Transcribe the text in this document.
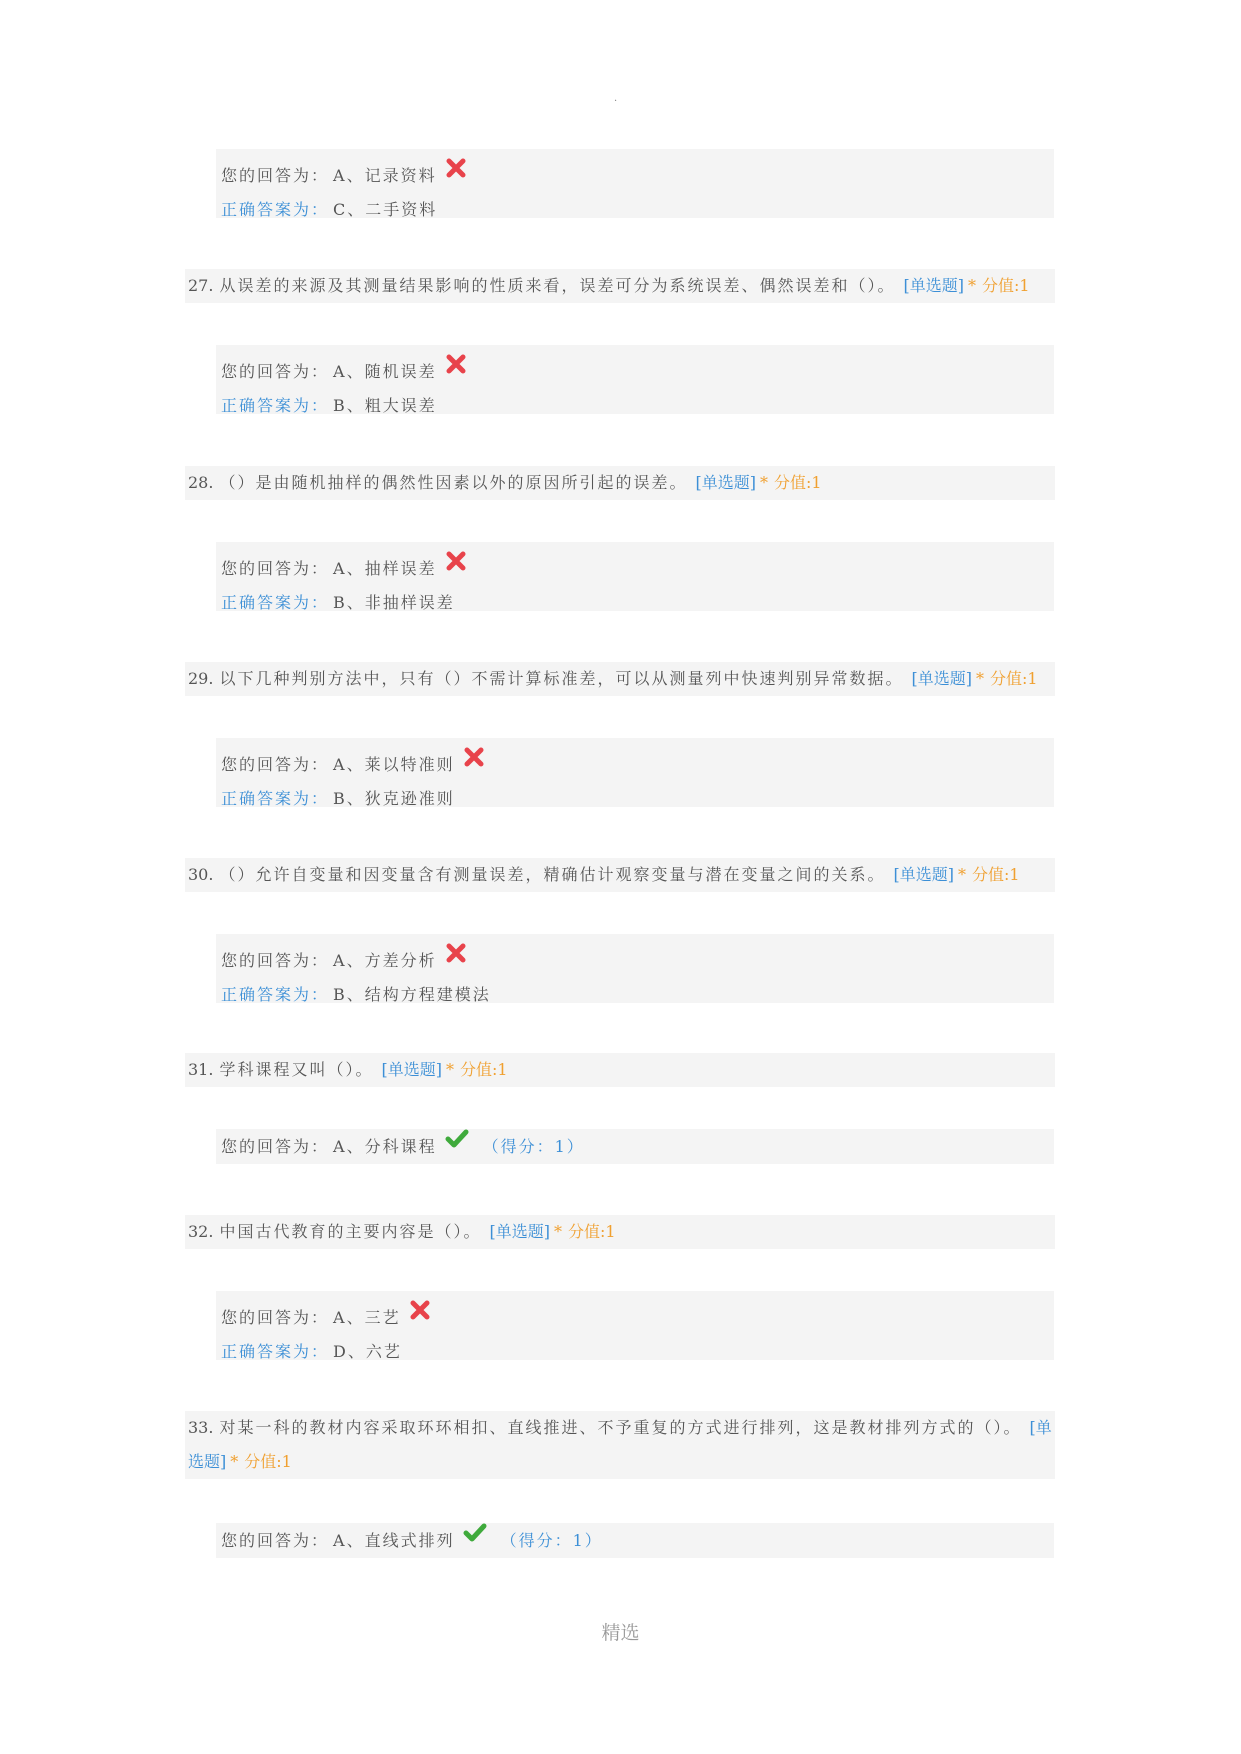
·
您的回答为： A、记录资料
正确答案为： C、二手资料
27. 从误差的来源及其测量结果影响的性质来看，误差可分为系统误差、偶然误差和（）。 [单选题] * 分值:1
您的回答为： A、随机误差
正确答案为： B、粗大误差
28. （）是由随机抽样的偶然性因素以外的原因所引起的误差。 [单选题] * 分值:1
您的回答为： A、抽样误差
正确答案为： B、非抽样误差
29. 以下几种判别方法中，只有（）不需计算标准差，可以从测量列中快速判别异常数据。 [单选题] * 分值:1
您的回答为： A、莱以特准则
正确答案为： B、狄克逊准则
30. （）允许自变量和因变量含有测量误差，精确估计观察变量与潜在变量之间的关系。 [单选题] * 分值:1
您的回答为： A、方差分析
正确答案为： B、结构方程建模法
31. 学科课程又叫（）。 [单选题] * 分值:1
您的回答为： A、分科课程	（得分：1）
32. 中国古代教育的主要内容是（）。 [单选题] * 分值:1
您的回答为： A、三艺
正确答案为： D、六艺
33. 对某一科的教材内容采取环环相扣、直线推进、不予重复的方式进行排列，这是教材排列方式的（）。 [单选题] * 分值:1
您的回答为： A、直线式排列	（得分：1）
精选
